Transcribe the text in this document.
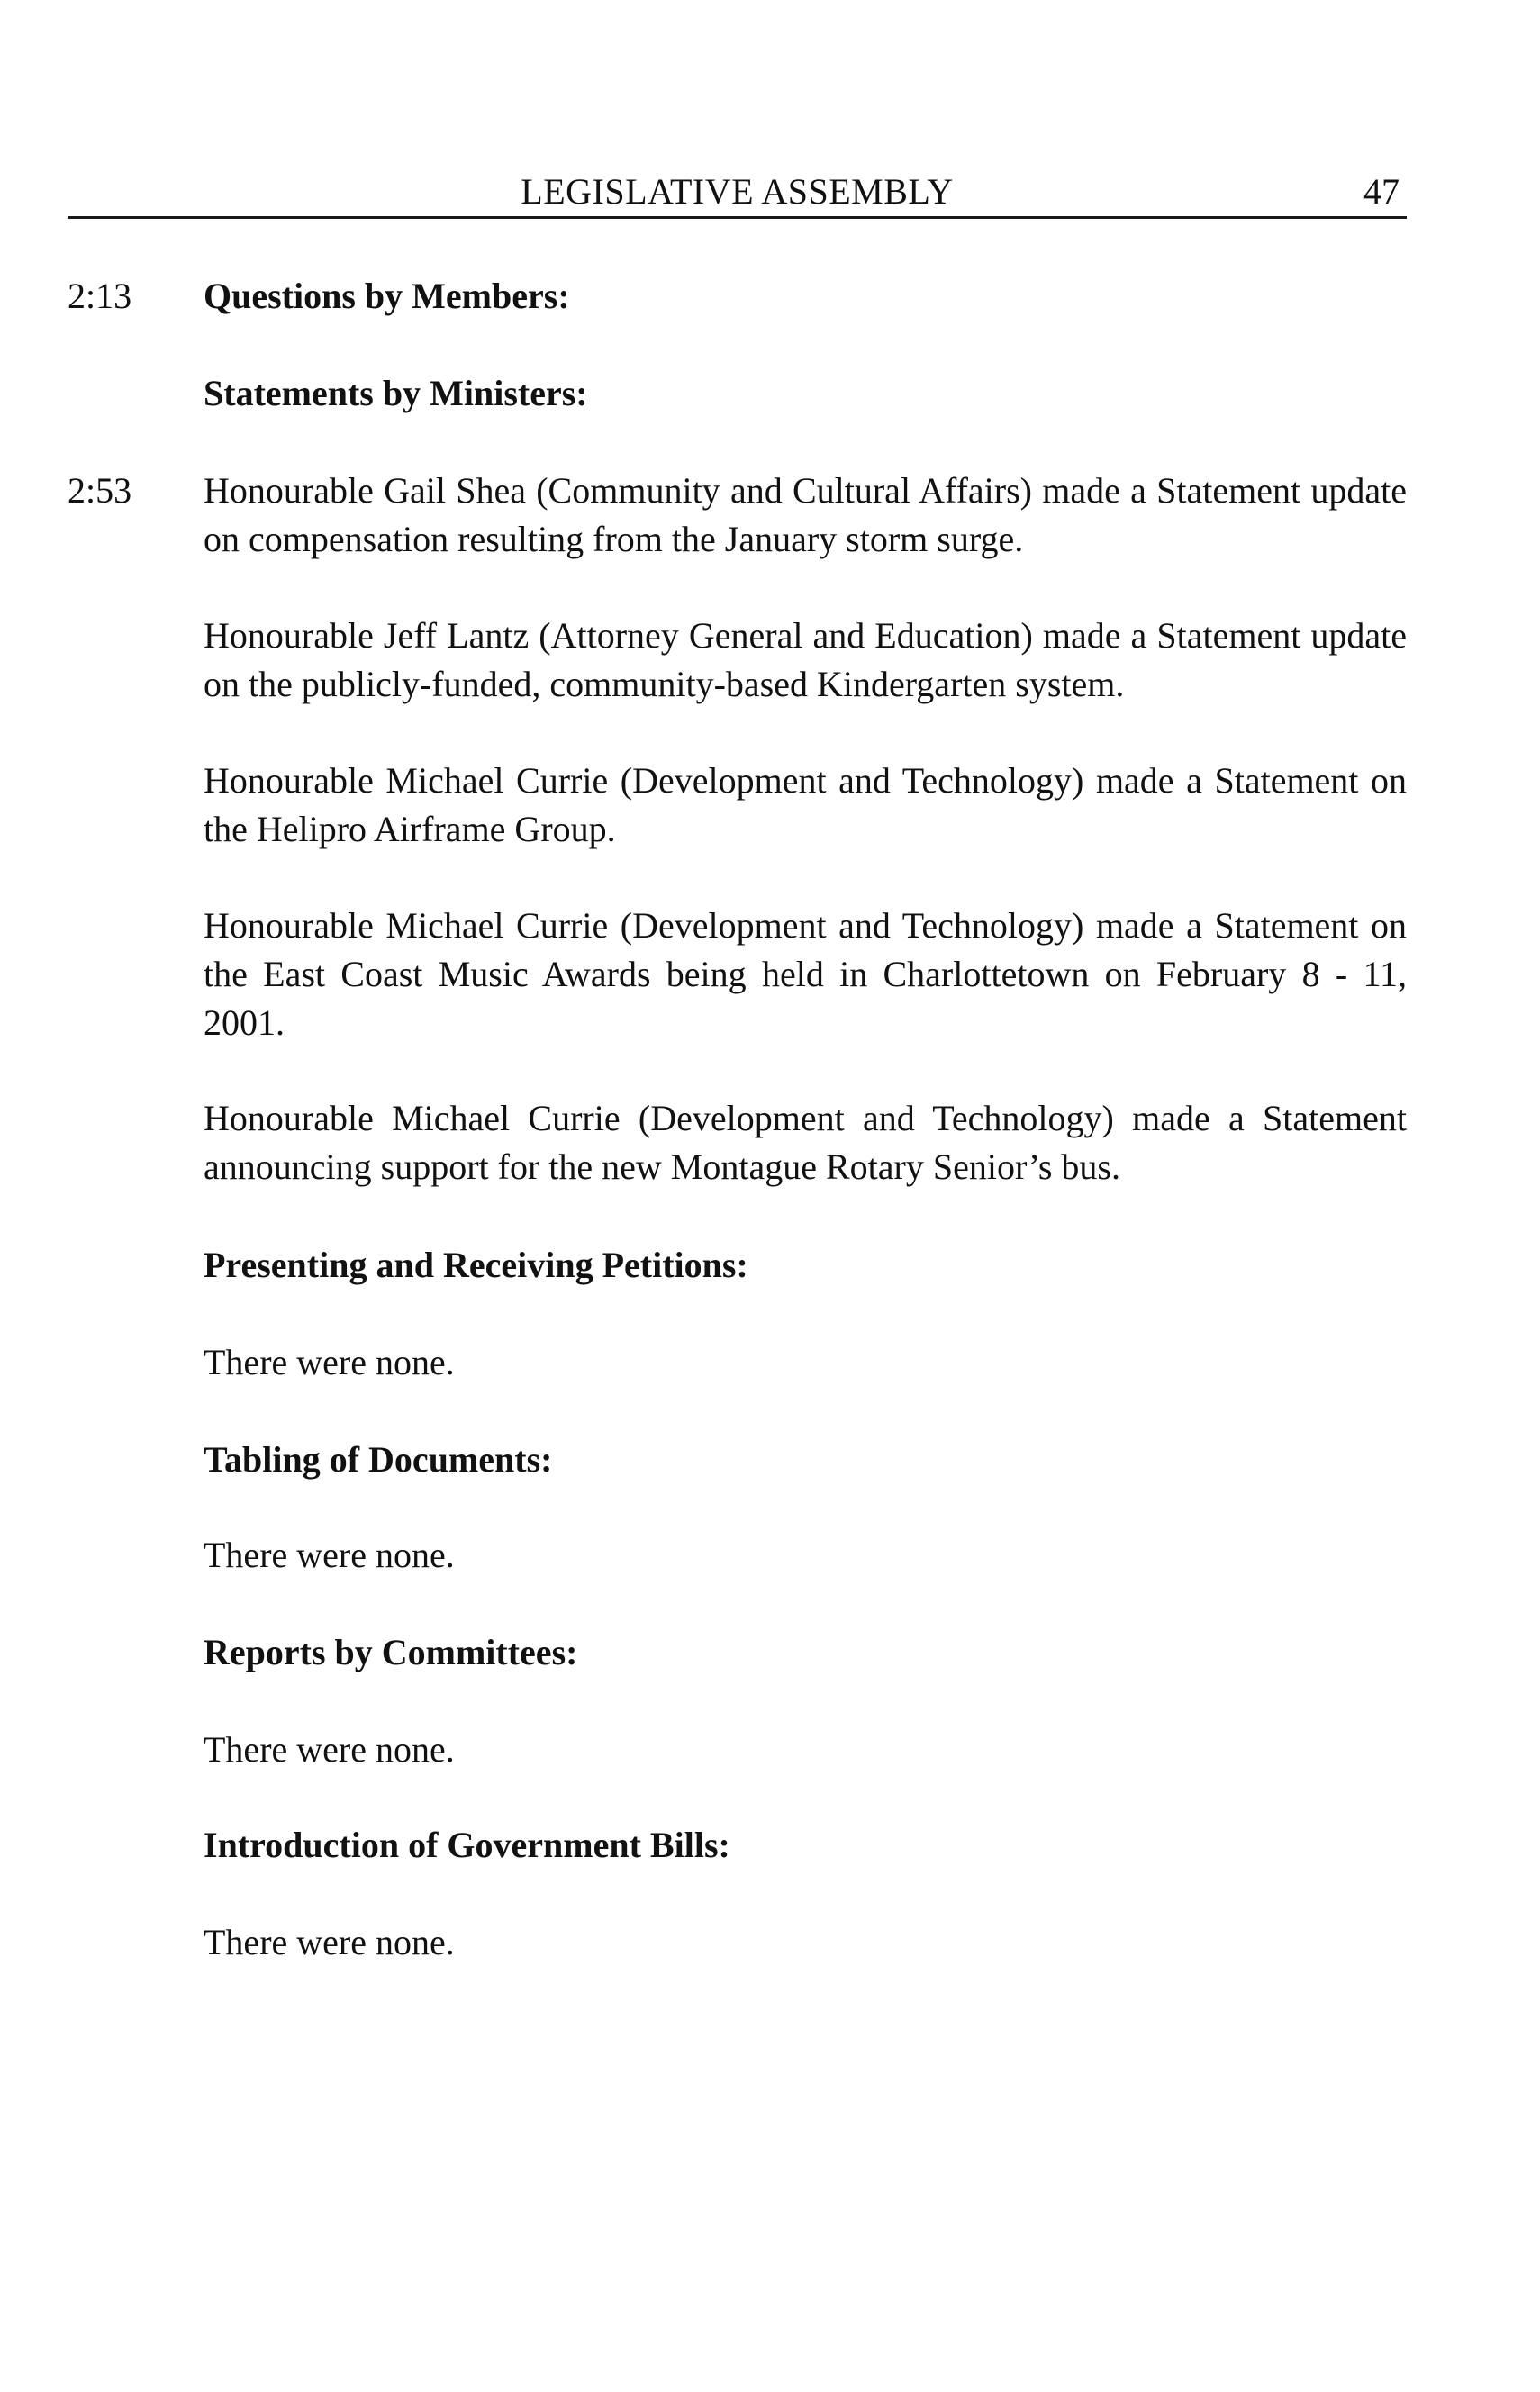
LEGISLATIVE ASSEMBLY	47
2:13 Questions by Members:
Statements by Ministers:
2:53 Honourable Gail Shea (Community and Cultural Affairs) made a Statement update on compensation resulting from the January storm surge.
Honourable Jeff Lantz (Attorney General and Education) made a Statement update on the publicly-funded, community-based Kindergarten system.
Honourable Michael Currie (Development and Technology) made a Statement on the Helipro Airframe Group.
Honourable Michael Currie (Development and Technology) made a Statement on the East Coast Music Awards being held in Charlottetown on February 8 - 11, 2001.
Honourable Michael Currie (Development and Technology) made a Statement announcing support for the new Montague Rotary Senior’s bus.
Presenting and Receiving Petitions:
There were none.
Tabling of Documents:
There were none.
Reports by Committees:
There were none.
Introduction of Government Bills:
There were none.
